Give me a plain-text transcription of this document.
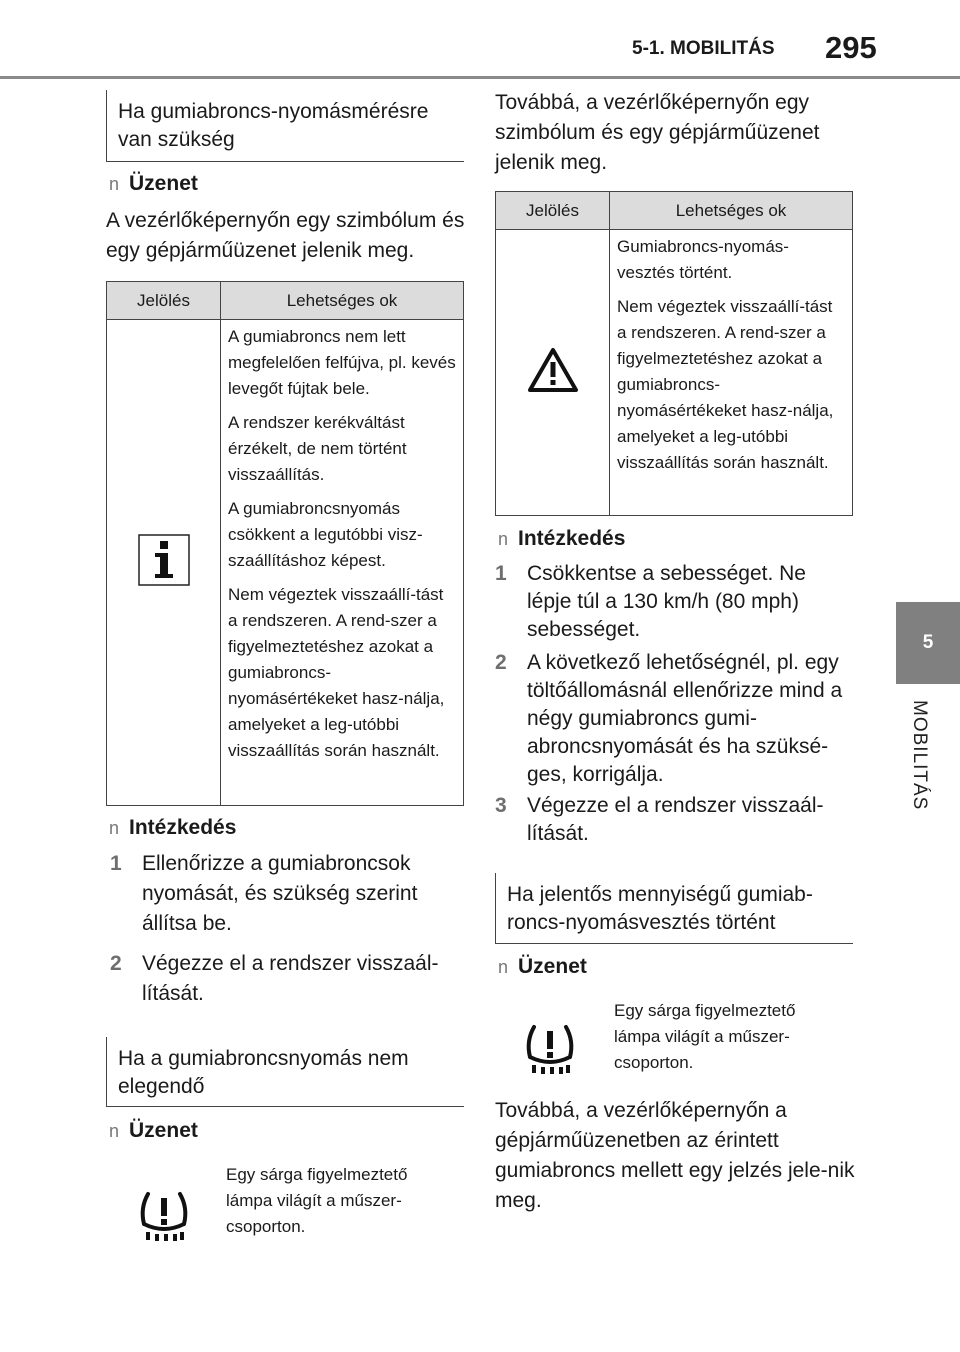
5-1. MOBILITÁS 295
5
MOBILITÁS
Ha gumiabroncs-nyomásmérésre van szükség
n Üzenet
A vezérlőképernyőn egy szimbólum és egy gépjárműüzenet jelenik meg.
Jelölés	Lehetséges ok

A gumiabroncs nem lett megfelelően felfújva, pl. kevés levegőt fújtak bele.

A rendszer kerékváltást érzékelt, de nem történt visszaállítás.

A gumiabroncsnyomás csökkent a legutóbbi visz-szaállításhoz képest.

Nem végeztek visszaállí-tást a rendszeren. A rend-szer a figyelmeztetéshez azokat a gumiabroncs-nyomásértékeket hasz-nálja, amelyeket a leg-utóbbi visszaállítás során használt.

n Intézkedés
1 Ellenőrizze a gumiabroncsok nyomását, és szükség szerint állítsa be.
2 Végezze el a rendszer visszaál-lítását.
Ha a gumiabroncsnyomás nem elegendő
n Üzenet
Egy sárga figyelmeztető lámpa világít a műszer-csoporton.
Továbbá, a vezérlőképernyőn egy szimbólum és egy gépjárműüzenet jelenik meg.
Jelölés	Lehetséges ok

Gumiabroncs-nyomás-vesztés történt.

Nem végeztek visszaállí-tást a rendszeren. A rend-szer a figyelmeztetéshez azokat a gumiabroncs-nyomásértékeket hasz-nálja, amelyeket a leg-utóbbi visszaállítás során használt.

n Intézkedés
1 Csökkentse a sebességet. Ne lépje túl a 130 km/h (80 mph) sebességet.
2 A következő lehetőségnél, pl. egy töltőállomásnál ellenőrizze mind a négy gumiabroncs gumi-abroncsnyomását és ha szüksé-ges, korrigálja.
3 Végezze el a rendszer visszaál-lítását.
Ha jelentős mennyiségű gumiab-roncs-nyomásvesztés történt
n Üzenet
Egy sárga figyelmeztető lámpa világít a műszer-csoporton.
Továbbá, a vezérlőképernyőn a gépjárműüzenetben az érintett gumiabroncs mellett egy jelzés jele-nik meg.
